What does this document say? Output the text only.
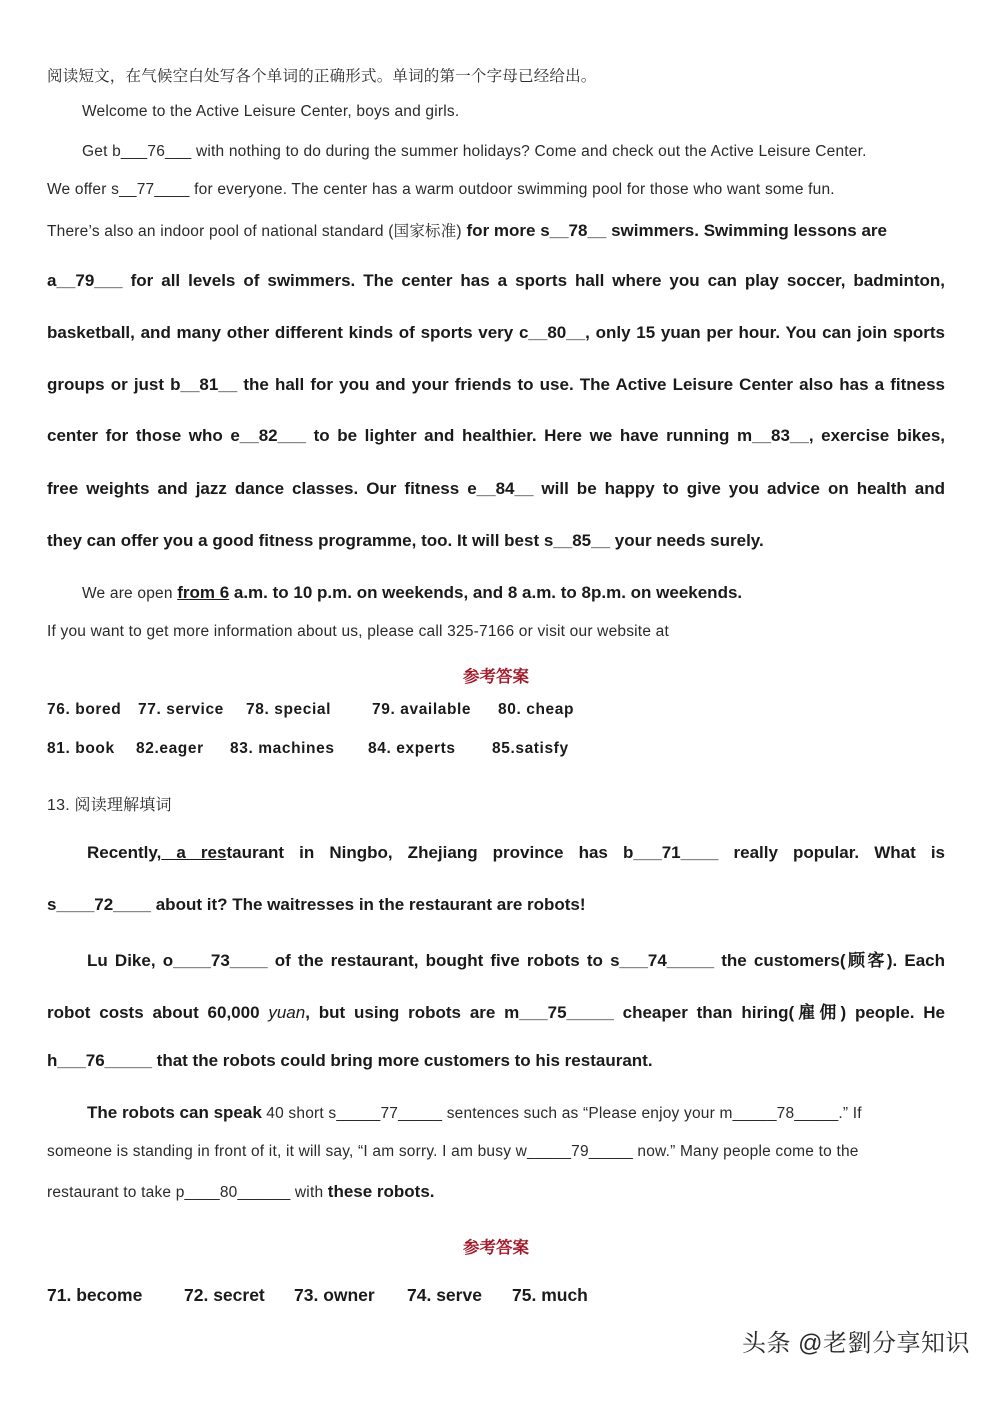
阅读短文，在气候空白处写各个单词的正确形式。单词的第一个字母已经给出。
Welcome to the Active Leisure Center, boys and girls.
Get b___76___ with nothing to do during the summer holidays? Come and check out the Active Leisure Center.
We offer s__77____ for everyone. The center has a warm outdoor swimming pool for those who want some fun.
There’s also an indoor pool of national standard (国家标准) for more s__78__ swimmers. Swimming lessons are
a__79___ for all levels of swimmers. The center has a sports hall where you can play soccer, badminton,
basketball, and many other different kinds of sports very c__80__, only 15 yuan per hour. You can join sports
groups or just b__81__ the hall for you and your friends to use. The Active Leisure Center also has a fitness
center for those who e__82___ to be lighter and healthier. Here we have running m__83__, exercise bikes,
free weights and jazz dance classes. Our fitness e__84__ will be happy to give you advice on health and
they can offer you a good fitness programme, too. It will best s__85__ your needs surely.
We are open from 6 a.m. to 10 p.m. on weekends, and 8 a.m. to 8p.m. on weekends.
If you want to get more information about us, please call 325-7166 or visit our website at
参考答案
76. bored 77. service 78. special	79. available 80. cheap
81. book 82.eager 83. machines 84. experts 85.satisfy
13. 阅读理解填词
Recently, a restaurant in Ningbo, Zhejiang province has b___71____ really popular. What is
s____72____ about it? The waitresses in the restaurant are robots!
Lu Dike, o____73____ of the restaurant, bought five robots to s___74_____ the customers(顾客). Each
robot costs about 60,000 yuan, but using robots are m___75_____ cheaper than hiring(雇佣) people. He
h___76_____ that the robots could bring more customers to his restaurant.
The robots can speak 40 short s_____77_____ sentences such as “Please enjoy your m_____78_____.” If
someone is standing in front of it, it will say, “I am sorry. I am busy w_____79_____ now.” Many people come to the
restaurant to take p____80______ with these robots.
参考答案
71. become 72. secret 73. owner 74. serve 75. much
头条 @老劉分享知识
